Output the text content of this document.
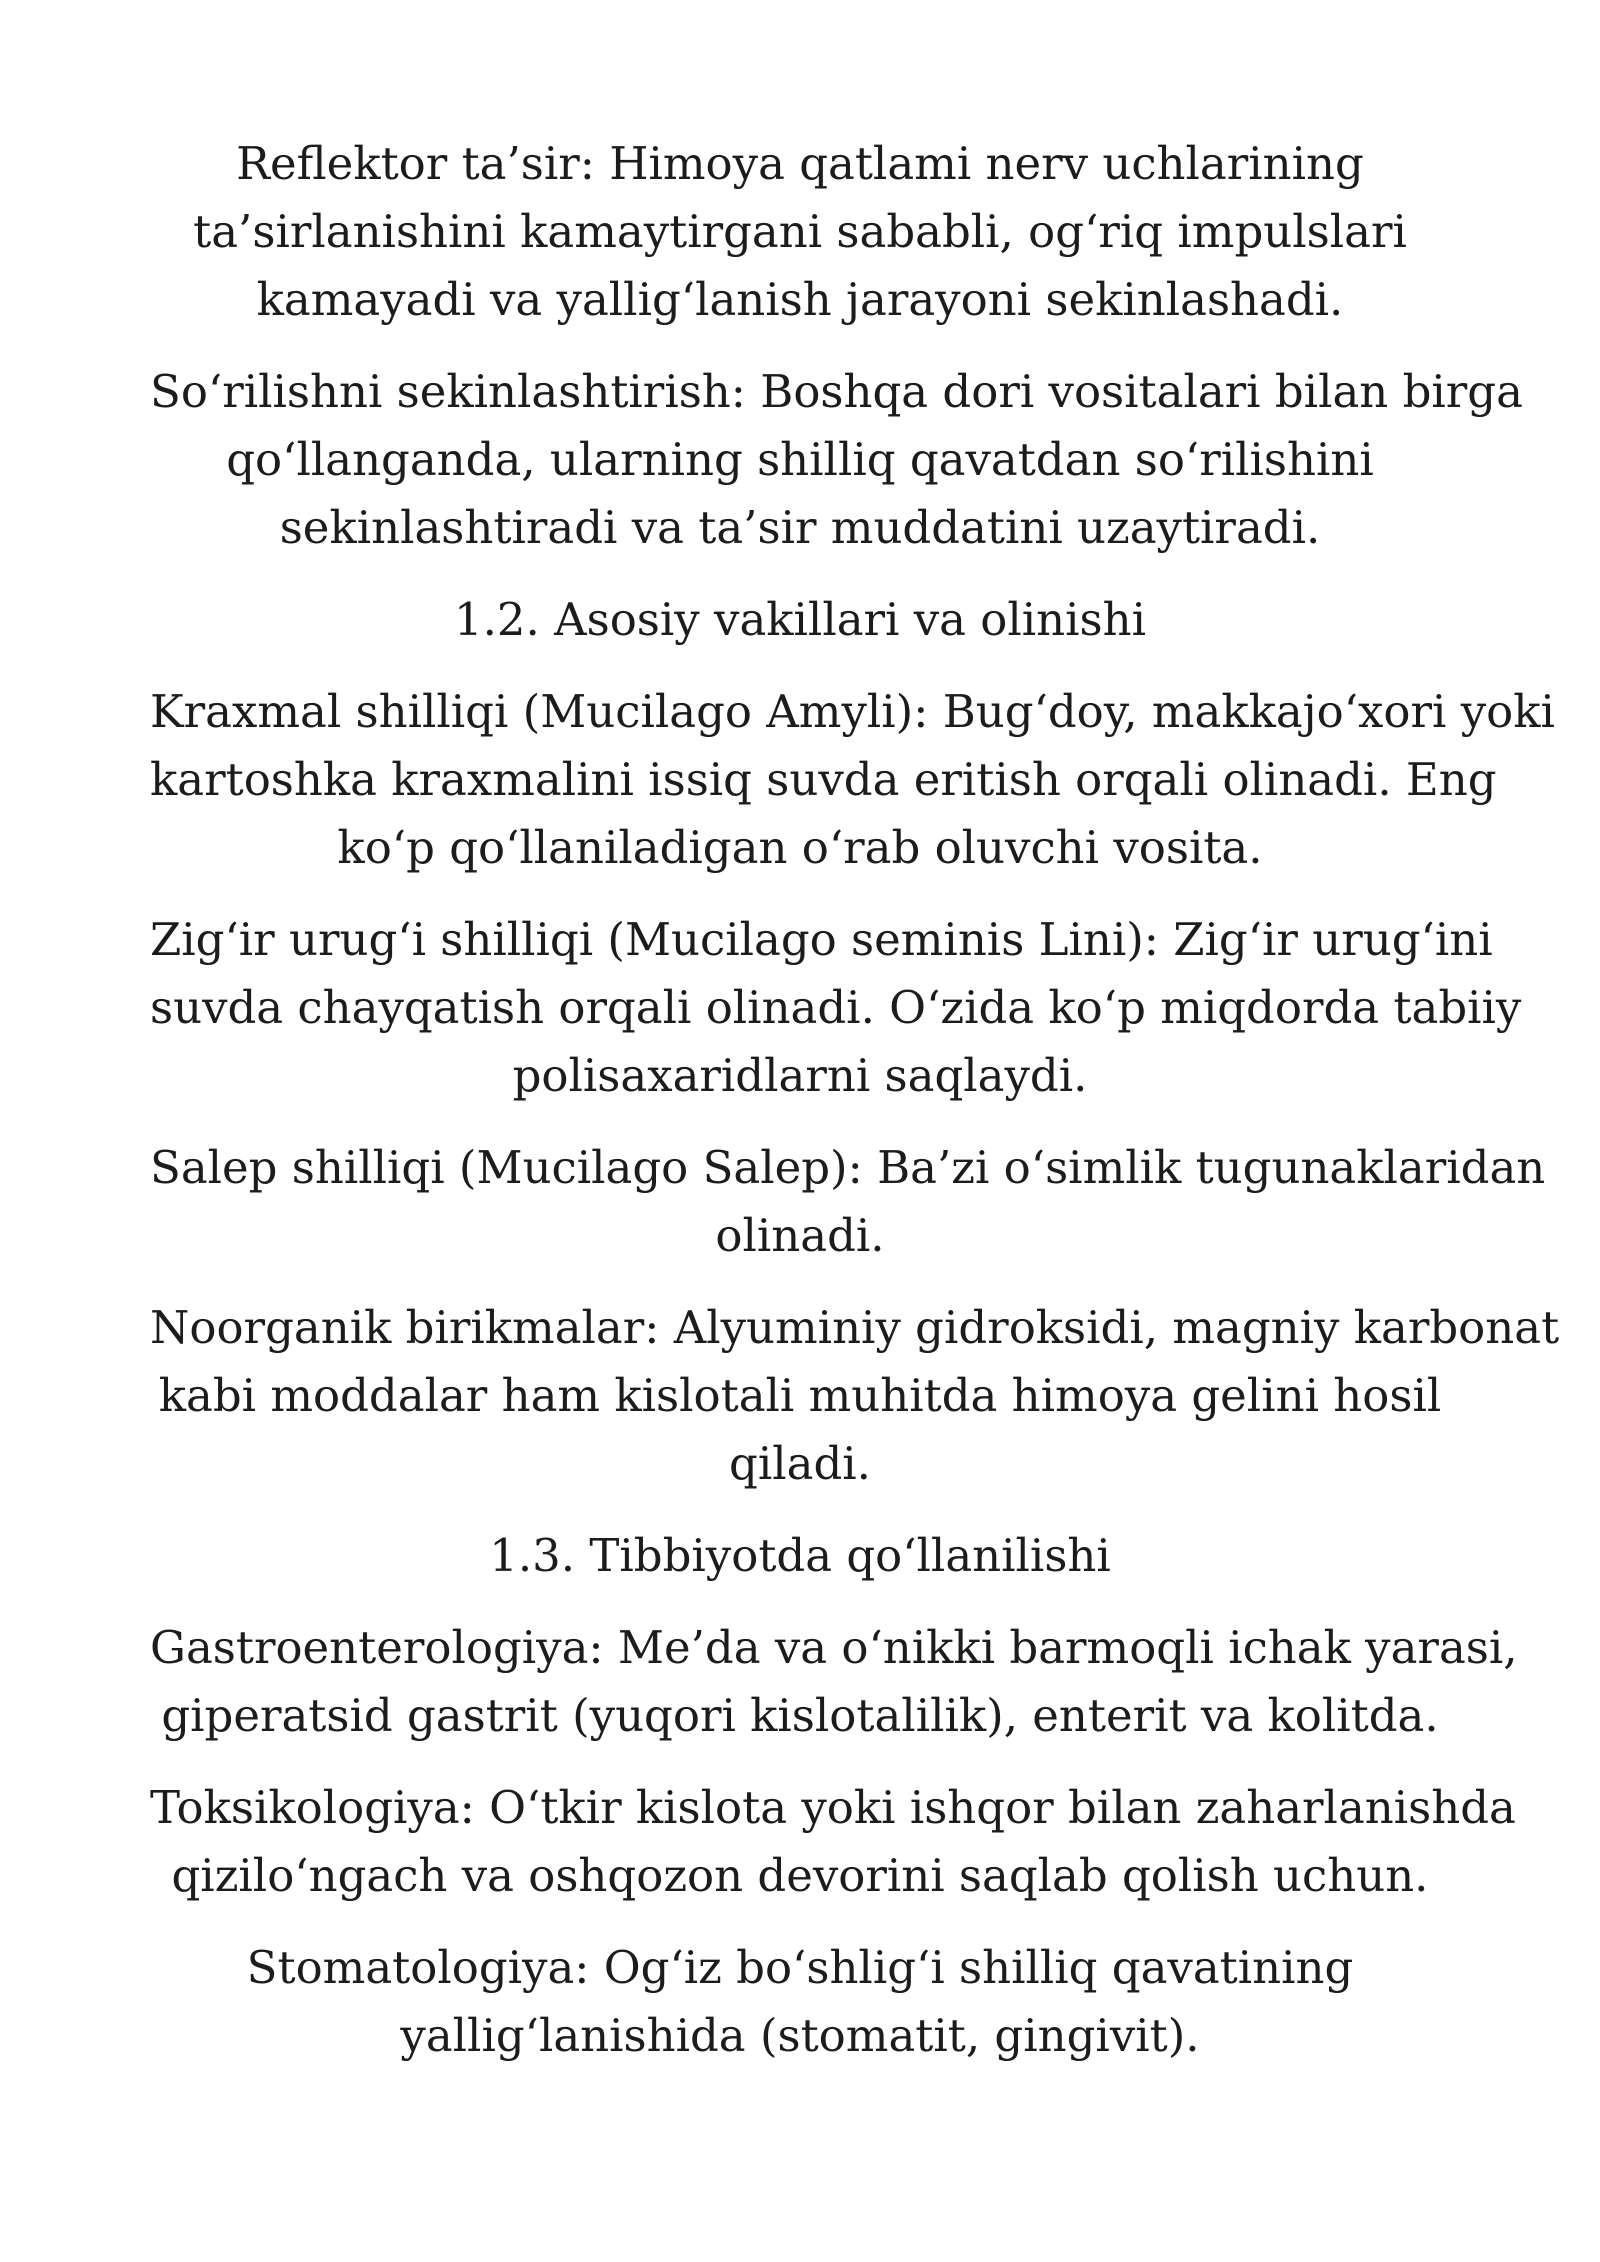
Reflektor ta’sir: Himoya qatlami nerv uchlarining
ta’sirlanishini kamaytirgani sababli, og‘riq impulslari
kamayadi va yallig‘lanish jarayoni sekinlashadi.

So‘rilishni sekinlashtirish: Boshqa dori vositalari bilan birga
qo‘llanganda, ularning shilliq qavatdan so‘rilishini
sekinlashtiradi va ta’sir muddatini uzaytiradi.

1.2. Asosiy vakillari va olinishi

Kraxmal shilliqi (Mucilago Amyli): Bug‘doy, makkajo‘xori yoki
kartoshka kraxmalini issiq suvda eritish orqali olinadi. Eng
ko‘p qo‘llaniladigan o‘rab oluvchi vosita.

Zig‘ir urug‘i shilliqi (Mucilago seminis Lini): Zig‘ir urug‘ini
suvda chayqatish orqali olinadi. O‘zida ko‘p miqdorda tabiiy
polisaxaridlarni saqlaydi.

Salep shilliqi (Mucilago Salep): Ba’zi o‘simlik tugunaklaridan
olinadi.

Noorganik birikmalar: Alyuminiy gidroksidi, magniy karbonat
kabi moddalar ham kislotali muhitda himoya gelini hosil
qiladi.

1.3. Tibbiyotda qo‘llanilishi

Gastroenterologiya: Me’da va o‘nikki barmoqli ichak yarasi,
giperatsid gastrit (yuqori kislotalilik), enterit va kolitda.

Toksikologiya: O‘tkir kislota yoki ishqor bilan zaharlanishda
qizilo‘ngach va oshqozon devorini saqlab qolish uchun.

Stomatologiya: Og‘iz bo‘shlig‘i shilliq qavatining
yallig‘lanishida (stomatit, gingivit).
